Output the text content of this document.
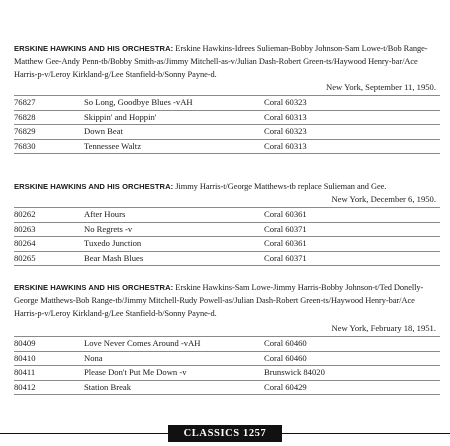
ERSKINE HAWKINS AND HIS ORCHESTRA: Erskine Hawkins-Idrees Sulieman-Bobby Johnson-Sam Lowe-t/Bob Range-Matthew Gee-Andy Penn-tb/Bobby Smith-as/Jimmy Mitchell-as-v/Julian Dash-Robert Green-ts/Haywood Henry-bar/Ace Harris-p-v/Leroy Kirkland-g/Lee Stanfield-b/Sonny Payne-d.

New York, September 11, 1950.

76827	So Long, Goodbye Blues -vAH	Coral 60323
76828	Skippin' and Hoppin'	Coral 60313
76829	Down Beat	Coral 60323
76830	Tennessee Waltz	Coral 60313

ERSKINE HAWKINS AND HIS ORCHESTRA: Jimmy Harris-t/George Matthews-tb replace Sulieman and Gee.

New York, December 6, 1950.

80262	After Hours	Coral 60361
80263	No Regrets -v	Coral 60371
80264	Tuxedo Junction	Coral 60361
80265	Bear Mash Blues	Coral 60371

ERSKINE HAWKINS AND HIS ORCHESTRA: Erskine Hawkins-Sam Lowe-Jimmy Harris-Bobby Johnson-t/Ted Donelly-George Matthews-Bob Range-tb/Jimmy Mitchell-Rudy Powell-as/Julian Dash-Robert Green-ts/Haywood Henry-bar/Ace Harris-p-v/Leroy Kirkland-g/Lee Stanfield-b/Sonny Payne-d.

New York, February 18, 1951.

80409	Love Never Comes Around -vAH	Coral 60460
80410	Nona	Coral 60460
80411	Please Don't Put Me Down -v	Brunswick 84020
80412	Station Break	Coral 60429
CLASSICS 1257
